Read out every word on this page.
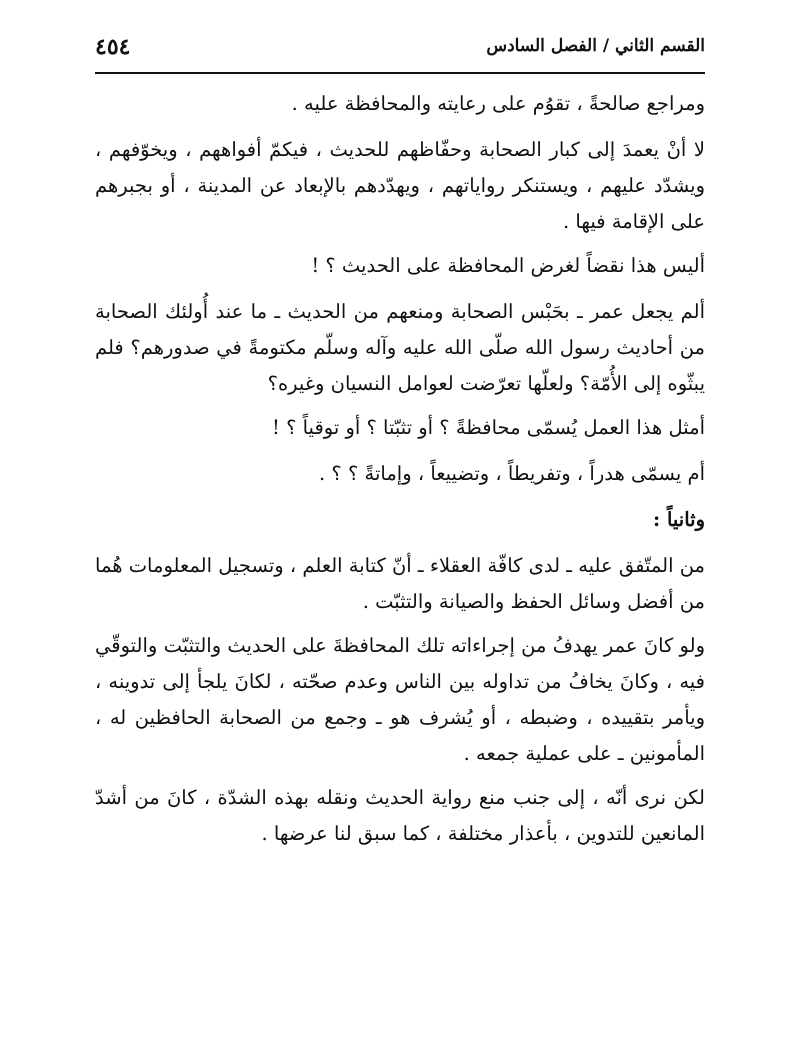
القسم الثاني / الفصل السادس
٤٥٤

ومراجع صالحةً ، تقوُم على رعايته والمحافظة عليه .

لا أنْ يعمدَ إلى كبار الصحابة وحفّاظهم للحديث ، فيكمّ أفواههم ، ويخوّفهم ، ويشدّد عليهم ، ويستنكر رواياتهم ، ويهدّدهم بالإبعاد عن المدينة ، أو بجبرهم على الإقامة فيها .

أليس هذا نقضاً لغرض المحافظة على الحديث ؟ !

ألم يجعل عمر ـ بحَبْس الصحابة ومنعهم من الحديث ـ ما عند أُولئك الصحابة من أحاديث رسول الله صلّى الله عليه وآله وسلّم مكتومةً في صدورهم؟ فلم يبثّوه إلى الأُمّة؟ ولعلّها تعرّضت لعوامل النسيان وغيره؟

أمثل هذا العمل يُسمّى محافظةً ؟ أو تثبّتا ؟ أو توقياً ؟ !

أم يسمّى هدراً ، وتفريطاً ، وتضييعاً ، وإماتةً ؟ ؟ .

وثانياً :

من المتّفق عليه ـ لدى كافّة العقلاء ـ أنّ كتابة العلم ، وتسجيل المعلومات هُما من أفضل وسائل الحفظ والصيانة والتثبّت .

ولو كانَ عمر يهدفُ من إجراءاته تلك المحافظةَ على الحديث والتثبّت والتوقّي فيه ، وكانَ يخافُ من تداوله بين الناس وعدم صحّته ، لكانَ يلجأ إلى تدوينه ، ويأمر بتقييده ، وضبطه ، أو يُشرف هو ـ وجمع من الصحابة الحافظين له ، المأمونين ـ على عملية جمعه .

لكن نرى أنّه ، إلى جنب منع رواية الحديث ونقله بهذه الشدّة ، كانَ من أشدّ المانعين للتدوين ، بأعذار مختلفة ، كما سبق لنا عرضها .
